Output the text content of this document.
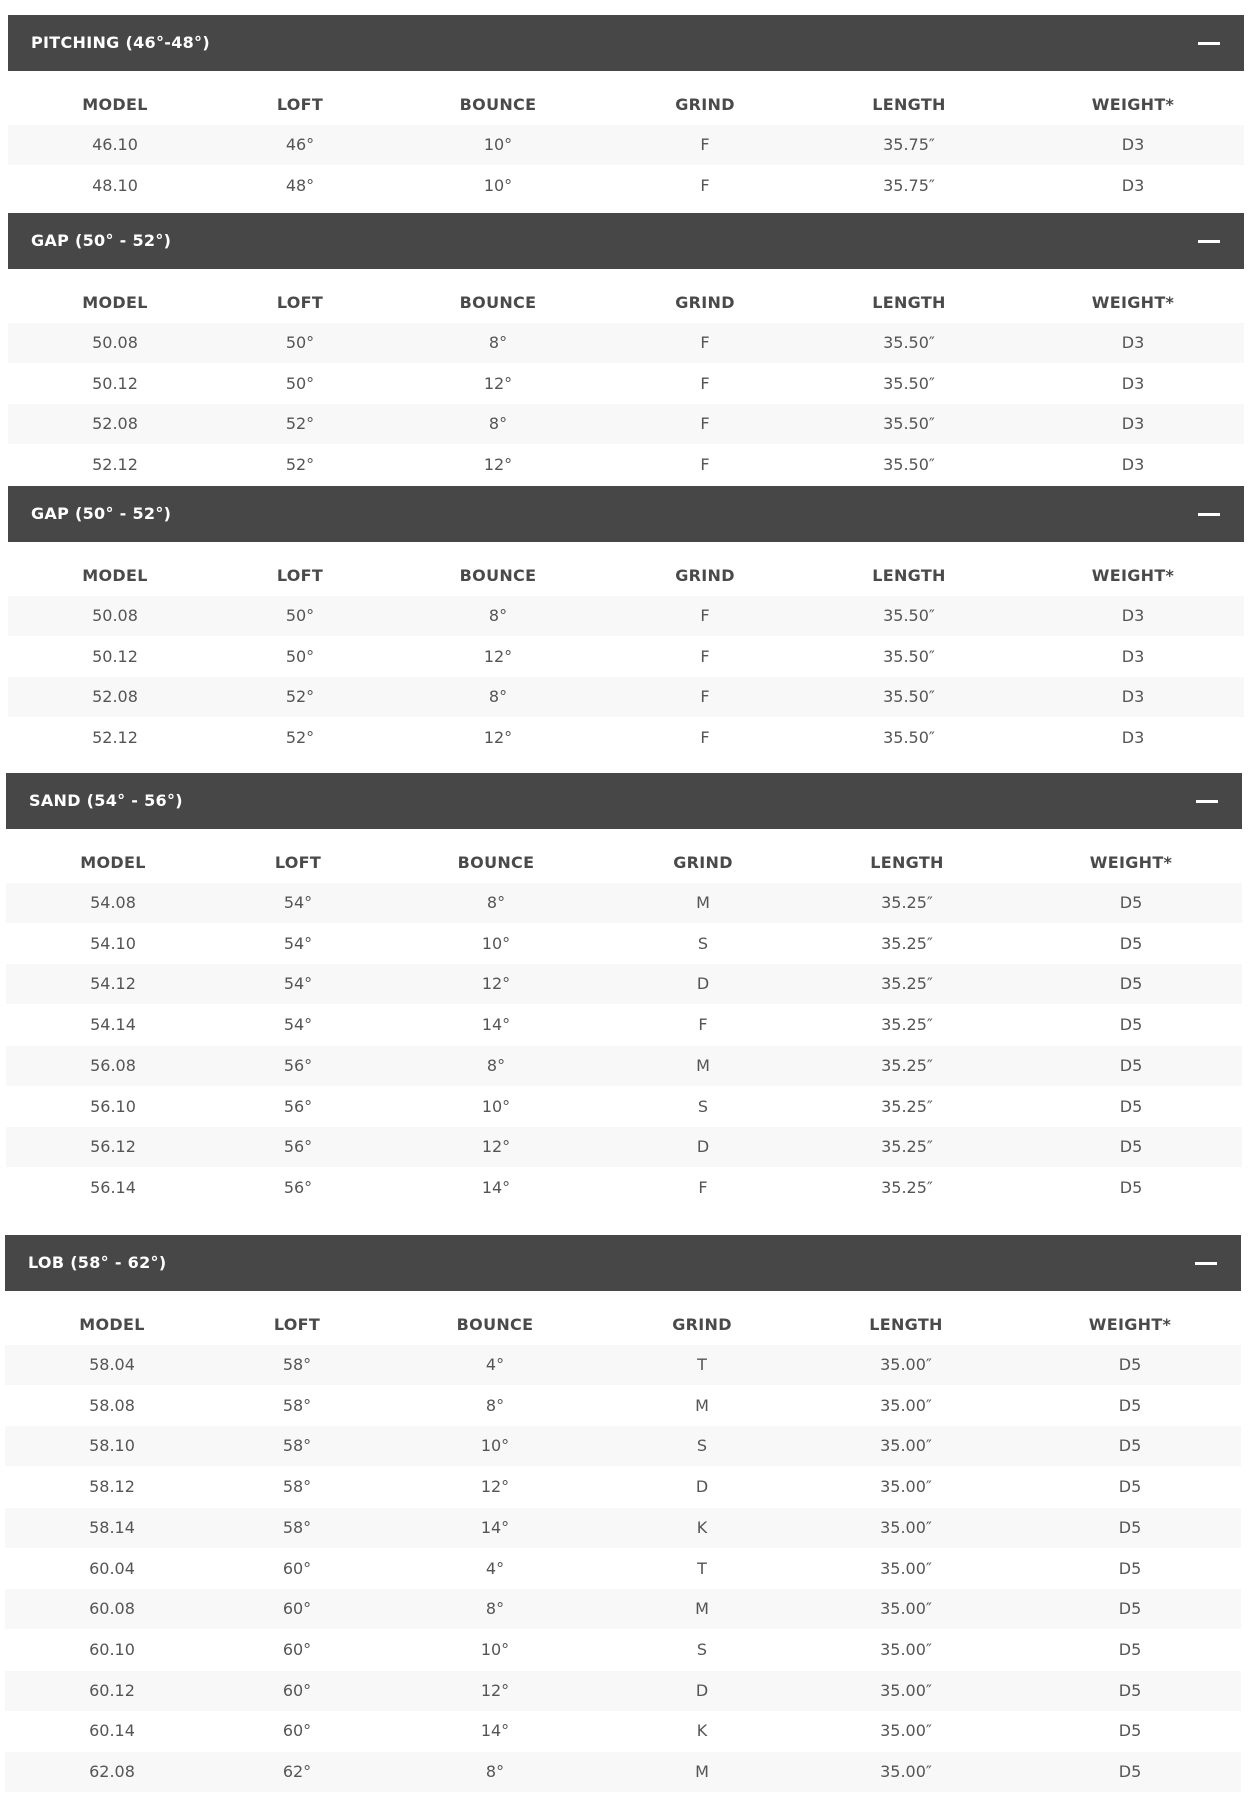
PITCHING (46°-48°)
MODEL	LOFT	BOUNCE	GRIND	LENGTH	WEIGHT*
46.10	46°	10°	F	35.75″	D3
48.10	48°	10°	F	35.75″	D3
GAP (50° - 52°)
MODEL	LOFT	BOUNCE	GRIND	LENGTH	WEIGHT*
50.08	50°	8°	F	35.50″	D3
50.12	50°	12°	F	35.50″	D3
52.08	52°	8°	F	35.50″	D3
52.12	52°	12°	F	35.50″	D3
GAP (50° - 52°)
MODEL	LOFT	BOUNCE	GRIND	LENGTH	WEIGHT*
50.08	50°	8°	F	35.50″	D3
50.12	50°	12°	F	35.50″	D3
52.08	52°	8°	F	35.50″	D3
52.12	52°	12°	F	35.50″	D3
SAND (54° - 56°)
MODEL	LOFT	BOUNCE	GRIND	LENGTH	WEIGHT*
54.08	54°	8°	M	35.25″	D5
54.10	54°	10°	S	35.25″	D5
54.12	54°	12°	D	35.25″	D5
54.14	54°	14°	F	35.25″	D5
56.08	56°	8°	M	35.25″	D5
56.10	56°	10°	S	35.25″	D5
56.12	56°	12°	D	35.25″	D5
56.14	56°	14°	F	35.25″	D5
LOB (58° - 62°)
MODEL	LOFT	BOUNCE	GRIND	LENGTH	WEIGHT*
58.04	58°	4°	T	35.00″	D5
58.08	58°	8°	M	35.00″	D5
58.10	58°	10°	S	35.00″	D5
58.12	58°	12°	D	35.00″	D5
58.14	58°	14°	K	35.00″	D5
60.04	60°	4°	T	35.00″	D5
60.08	60°	8°	M	35.00″	D5
60.10	60°	10°	S	35.00″	D5
60.12	60°	12°	D	35.00″	D5
60.14	60°	14°	K	35.00″	D5
62.08	62°	8°	M	35.00″	D5
